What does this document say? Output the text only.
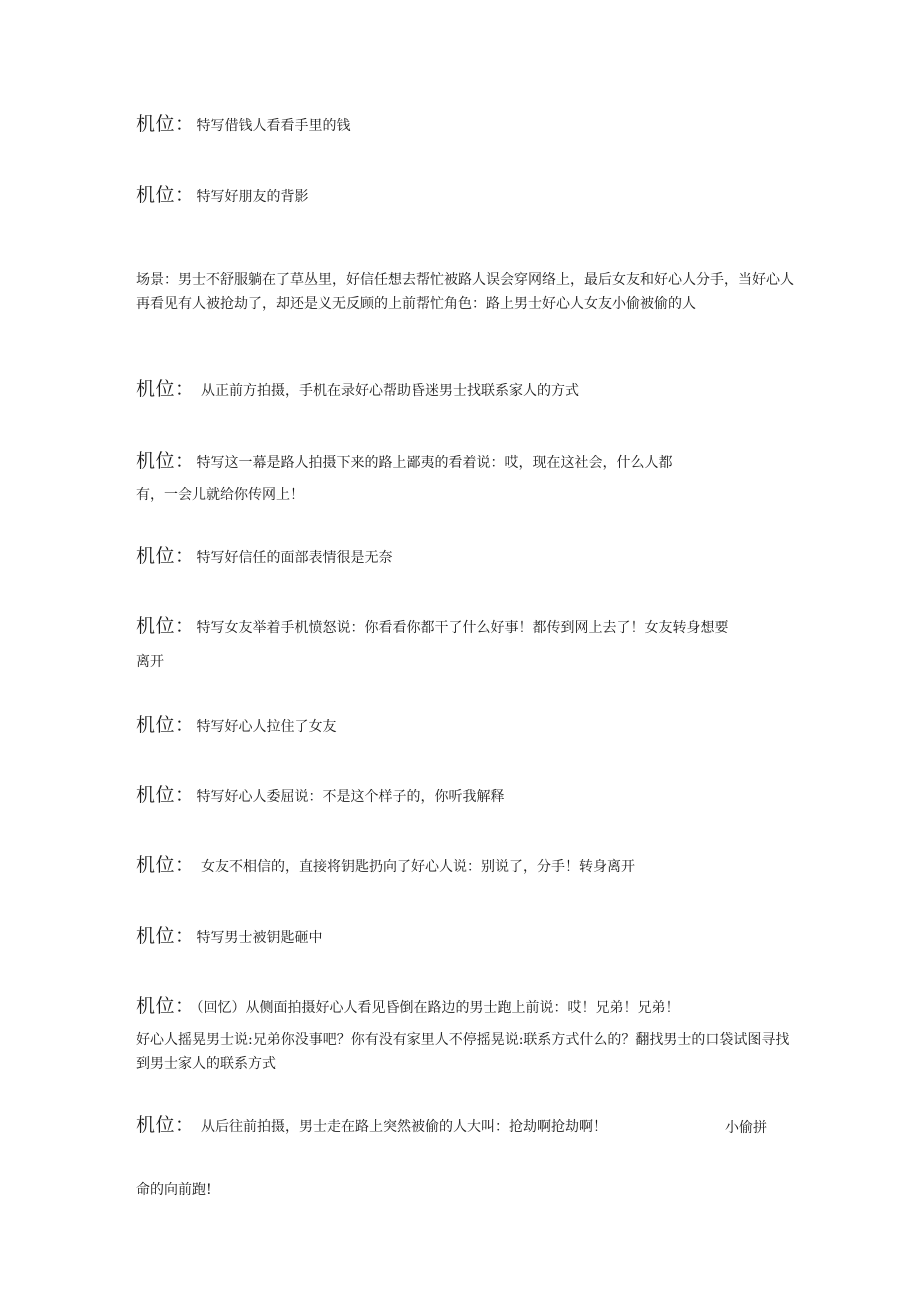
机位： 特写借钱人看看手里的钱
机位： 特写好朋友的背影
场景：男士不舒服躺在了草丛里，好信任想去帮忙被路人误会穿网络上，最后女友和好心人分手，当好心人再看见有人被抢劫了，却还是义无反顾的上前帮忙角色：路上男士好心人女友小偷被偷的人
机位： 从正前方拍摄，手机在录好心帮助昏迷男士找联系家人的方式
机位： 特写这一幕是路人拍摄下来的路上鄙夷的看着说：哎，现在这社会，什么人都
有，一会儿就给你传网上！
机位： 特写好信任的面部表情很是无奈
机位： 特写女友举着手机愤怒说：你看看你都干了什么好事！都传到网上去了！女友转身想要
离开
机位： 特写好心人拉住了女友
机位： 特写好心人委屈说：不是这个样子的，你听我解释
机位： 女友不相信的，直接将钥匙扔向了好心人说：别说了，分手！转身离开
机位： 特写男士被钥匙砸中
机位： （回忆）从侧面拍摄好心人看见昏倒在路边的男士跑上前说：哎！兄弟！兄弟！
好心人摇晃男士说:兄弟你没事吧？你有没有家里人不停摇晃说:联系方式什么的？翻找男士的口袋试图寻找到男士家人的联系方式
机位： 从后往前拍摄，男士走在路上突然被偷的人大叫：抢劫啊抢劫啊！	小偷拼
命的向前跑!
